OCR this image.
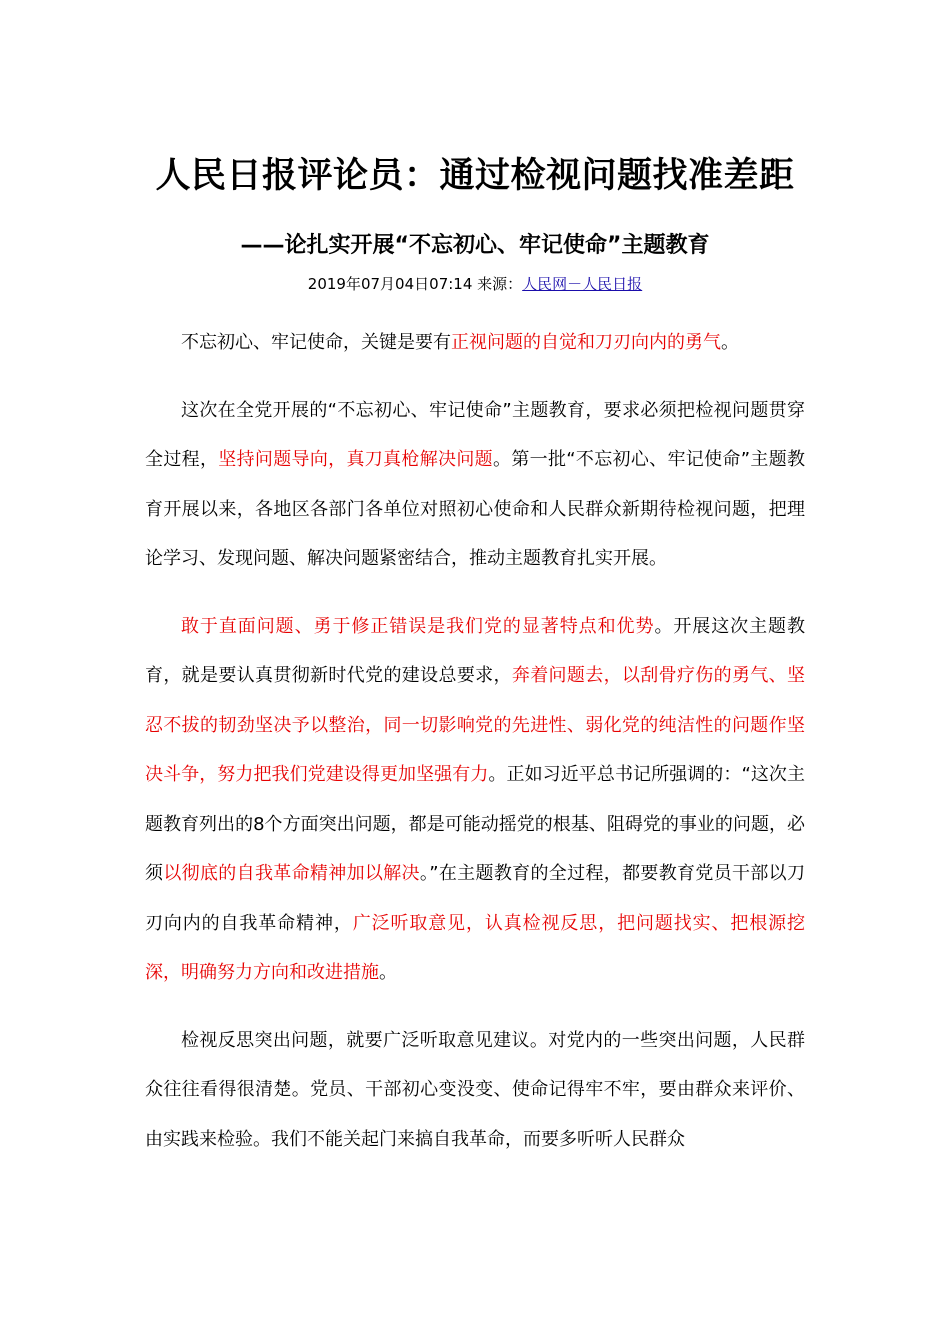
人民日报评论员：通过检视问题找准差距
——论扎实开展“不忘初心、牢记使命”主题教育
2019年07月04日07:14 来源：人民网－人民日报

不忘初心、牢记使命，关键是要有正视问题的自觉和刀刃向内的勇气。

这次在全党开展的“不忘初心、牢记使命”主题教育，要求必须把检视问题贯穿全过程，坚持问题导向，真刀真枪解决问题。第一批“不忘初心、牢记使命”主题教育开展以来，各地区各部门各单位对照初心使命和人民群众新期待检视问题，把理论学习、发现问题、解决问题紧密结合，推动主题教育扎实开展。

敢于直面问题、勇于修正错误是我们党的显著特点和优势。开展这次主题教育，就是要认真贯彻新时代党的建设总要求，奔着问题去，以刮骨疗伤的勇气、坚忍不拔的韧劲坚决予以整治，同一切影响党的先进性、弱化党的纯洁性的问题作坚决斗争，努力把我们党建设得更加坚强有力。正如习近平总书记所强调的：“这次主题教育列出的8个方面突出问题，都是可能动摇党的根基、阻碍党的事业的问题，必须以彻底的自我革命精神加以解决。”在主题教育的全过程，都要教育党员干部以刀刃向内的自我革命精神，广泛听取意见，认真检视反思，把问题找实、把根源挖深，明确努力方向和改进措施。

检视反思突出问题，就要广泛听取意见建议。对党内的一些突出问题，人民群众往往看得很清楚。党员、干部初心变没变、使命记得牢不牢，要由群众来评价、由实践来检验。我们不能关起门来搞自我革命，而要多听听人民群众
